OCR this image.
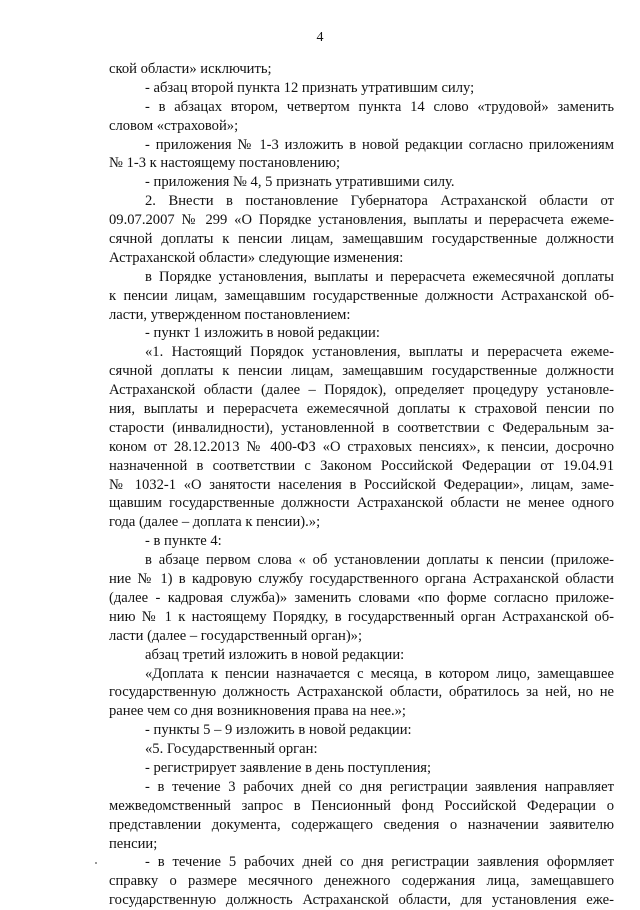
4
ской области» исключить;
- абзац второй пункта 12 признать утратившим силу;
- в абзацах втором, четвертом пункта 14 слово «трудовой» заменить
словом «страховой»;
- приложения № 1-3 изложить в новой редакции согласно приложениям
№ 1-3 к настоящему постановлению;
- приложения № 4, 5 признать утратившими силу.
2. Внести в постановление Губернатора Астраханской области от
09.07.2007 № 299 «О Порядке установления, выплаты и перерасчета ежеме-
сячной доплаты к пенсии лицам, замещавшим государственные должности
Астраханской области» следующие изменения:
в Порядке установления, выплаты и перерасчета ежемесячной доплаты
к пенсии лицам, замещавшим государственные должности Астраханской об-
ласти, утвержденном постановлением:
- пункт 1 изложить в новой редакции:
«1. Настоящий Порядок установления, выплаты и перерасчета ежеме-
сячной доплаты к пенсии лицам, замещавшим государственные должности
Астраханской области (далее – Порядок), определяет процедуру установле-
ния, выплаты и перерасчета ежемесячной доплаты к страховой пенсии по
старости (инвалидности), установленной в соответствии с Федеральным за-
коном от 28.12.2013 № 400-ФЗ «О страховых пенсиях», к пенсии, досрочно
назначенной в соответствии с Законом Российской Федерации от 19.04.91
№ 1032-1 «О занятости населения в Российской Федерации», лицам, заме-
щавшим государственные должности Астраханской области не менее одного
года (далее – доплата к пенсии).»;
- в пункте 4:
в абзаце первом слова « об установлении доплаты к пенсии (приложе-
ние № 1) в кадровую службу государственного органа Астраханской области
(далее - кадровая служба)» заменить словами «по форме согласно приложе-
нию № 1 к настоящему Порядку, в государственный орган Астраханской об-
ласти (далее – государственный орган)»;
абзац третий изложить в новой редакции:
«Доплата к пенсии назначается с месяца, в котором лицо, замещавшее
государственную должность Астраханской области, обратилось за ней, но не
ранее чем со дня возникновения права на нее.»;
- пункты 5 – 9 изложить в новой редакции:
«5. Государственный орган:
- регистрирует заявление в день поступления;
- в течение 3 рабочих дней со дня регистрации заявления направляет
межведомственный запрос в Пенсионный фонд Российской Федерации о
представлении документа, содержащего сведения о назначении заявителю
пенсии;
- в течение 5 рабочих дней со дня регистрации заявления оформляет
справку о размере месячного денежного содержания лица, замещавшего
государственную должность Астраханской области, для установления еже-
